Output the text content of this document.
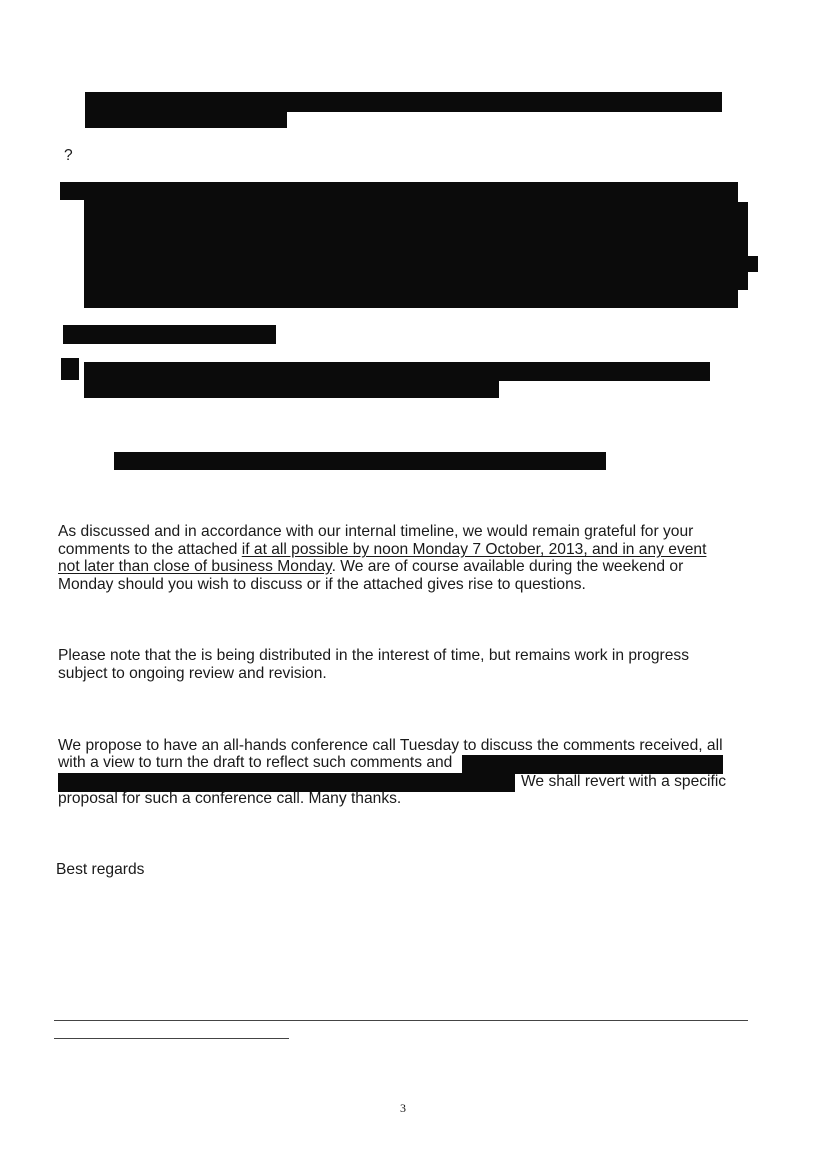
?
As discussed and in accordance with our internal timeline, we would remain grateful for your
comments to the attached if at all possible by noon Monday 7 October, 2013, and in any event
not later than close of business Monday. We are of course available during the weekend or
Monday should you wish to discuss or if the attached gives rise to questions.
Please note that the is being distributed in the interest of time, but remains work in progress
subject to ongoing review and revision.
We propose to have an all-hands conference call Tuesday to discuss the comments received, all
with a view to turn the draft to reflect such comments and
We shall revert with a specific
proposal for such a conference call. Many thanks.
Best regards
3
